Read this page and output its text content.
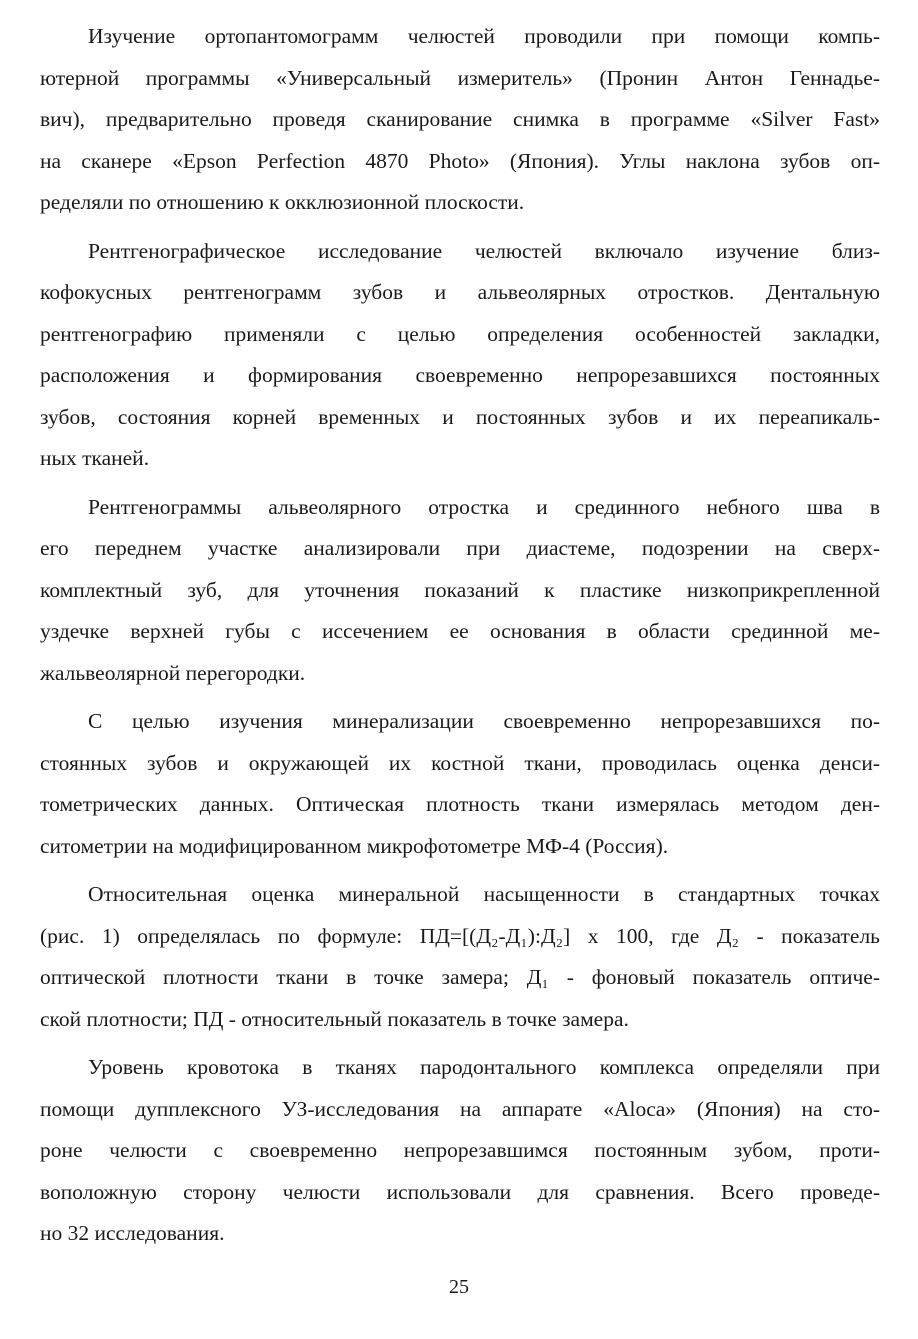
Изучение ортопантомограмм челюстей проводили при помощи компь-
ютерной программы «Универсальный измеритель» (Пронин Антон Геннадье-
вич), предварительно проведя сканирование снимка в программе «Silver Fast»
на сканере «Epson Perfection 4870 Photo» (Япония). Углы наклона зубов оп-
ределяли по отношению к окклюзионной плоскости.
Рентгенографическое исследование челюстей включало изучение близ-
кофокусных рентгенограмм зубов и альвеолярных отростков. Дентальную
рентгенографию применяли с целью определения особенностей закладки,
расположения и формирования своевременно непрорезавшихся постоянных
зубов, состояния корней временных и постоянных зубов и их переапикаль-
ных тканей.
Рентгенограммы альвеолярного отростка и срединного небного шва в
его переднем участке анализировали при диастеме, подозрении на сверх-
комплектный зуб, для уточнения показаний к пластике низкоприкрепленной
уздечке верхней губы с иссечением ее основания в области срединной ме-
жальвеолярной перегородки.
С целью изучения минерализации своевременно непрорезавшихся по-
стоянных зубов и окружающей их костной ткани, проводилась оценка денси-
тометрических данных. Оптическая плотность ткани измерялась методом ден-
ситометрии на модифицированном микрофотометре МФ-4 (Россия).
Относительная оценка минеральной насыщенности в стандартных точках
(рис. 1) определялась по формуле: ПД=[(Д₂-Д₁):Д₂] x 100, где Д₂ - показатель
оптической плотности ткани в точке замера; Д₁ - фоновый показатель оптиче-
ской плотности; ПД - относительный показатель в точке замера.
Уровень кровотока в тканях пародонтального комплекса определяли при
помощи дупплексного УЗ-исследования на аппарате «Aloca» (Япония) на сто-
роне челюсти с своевременно непрорезавшимся постоянным зубом, проти-
воположную сторону челюсти использовали для сравнения. Всего проведе-
но 32 исследования.
25
